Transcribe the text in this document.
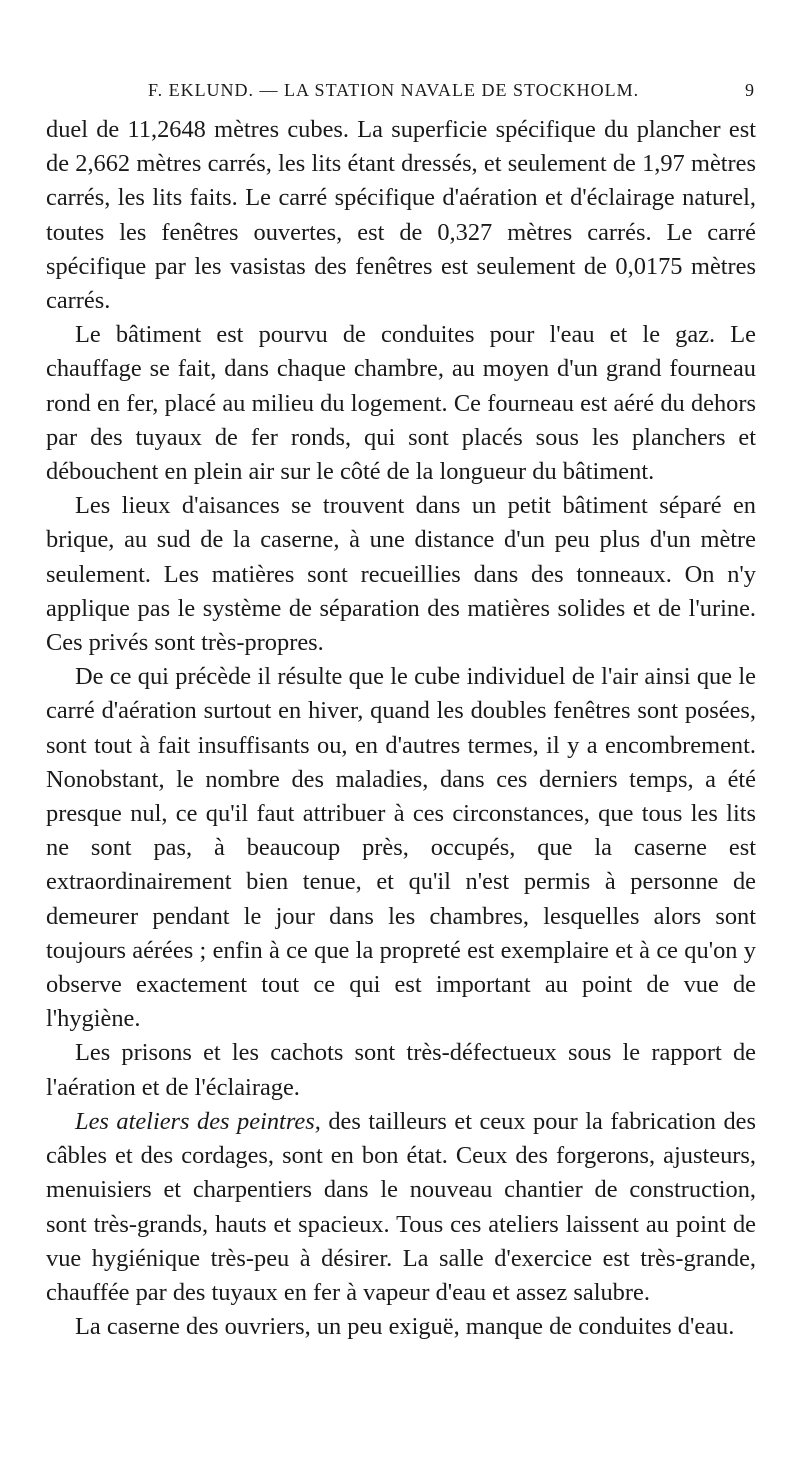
F. EKLUND. — LA STATION NAVALE DE STOCKHOLM.	9

duel de 11,2648 mètres cubes. La superficie spécifique du plancher est de 2,662 mètres carrés, les lits étant dressés, et seulement de 1,97 mètres carrés, les lits faits. Le carré spécifique d'aération et d'éclairage naturel, toutes les fenêtres ouvertes, est de 0,327 mètres carrés. Le carré spécifique par les vasistas des fenêtres est seulement de 0,0175 mètres carrés.

Le bâtiment est pourvu de conduites pour l'eau et le gaz. Le chauffage se fait, dans chaque chambre, au moyen d'un grand fourneau rond en fer, placé au milieu du logement. Ce fourneau est aéré du dehors par des tuyaux de fer ronds, qui sont placés sous les planchers et débouchent en plein air sur le côté de la longueur du bâtiment.

Les lieux d'aisances se trouvent dans un petit bâtiment séparé en brique, au sud de la caserne, à une distance d'un peu plus d'un mètre seulement. Les matières sont recueillies dans des tonneaux. On n'y applique pas le système de séparation des matières solides et de l'urine. Ces privés sont très-propres.

De ce qui précède il résulte que le cube individuel de l'air ainsi que le carré d'aération surtout en hiver, quand les doubles fenêtres sont posées, sont tout à fait insuffisants ou, en d'autres termes, il y a encombrement. Nonobstant, le nombre des maladies, dans ces derniers temps, a été presque nul, ce qu'il faut attribuer à ces circonstances, que tous les lits ne sont pas, à beaucoup près, occupés, que la caserne est extraordinairement bien tenue, et qu'il n'est permis à personne de demeurer pendant le jour dans les chambres, lesquelles alors sont toujours aérées ; enfin à ce que la propreté est exemplaire et à ce qu'on y observe exactement tout ce qui est important au point de vue de l'hygiène.

Les prisons et les cachots sont très-défectueux sous le rapport de l'aération et de l'éclairage.

Les ateliers des peintres, des tailleurs et ceux pour la fabrication des câbles et des cordages, sont en bon état. Ceux des forgerons, ajusteurs, menuisiers et charpentiers dans le nouveau chantier de construction, sont très-grands, hauts et spacieux. Tous ces ateliers laissent au point de vue hygiénique très-peu à désirer. La salle d'exercice est très-grande, chauffée par des tuyaux en fer à vapeur d'eau et assez salubre.

La caserne des ouvriers, un peu exiguë, manque de conduites d'eau.
